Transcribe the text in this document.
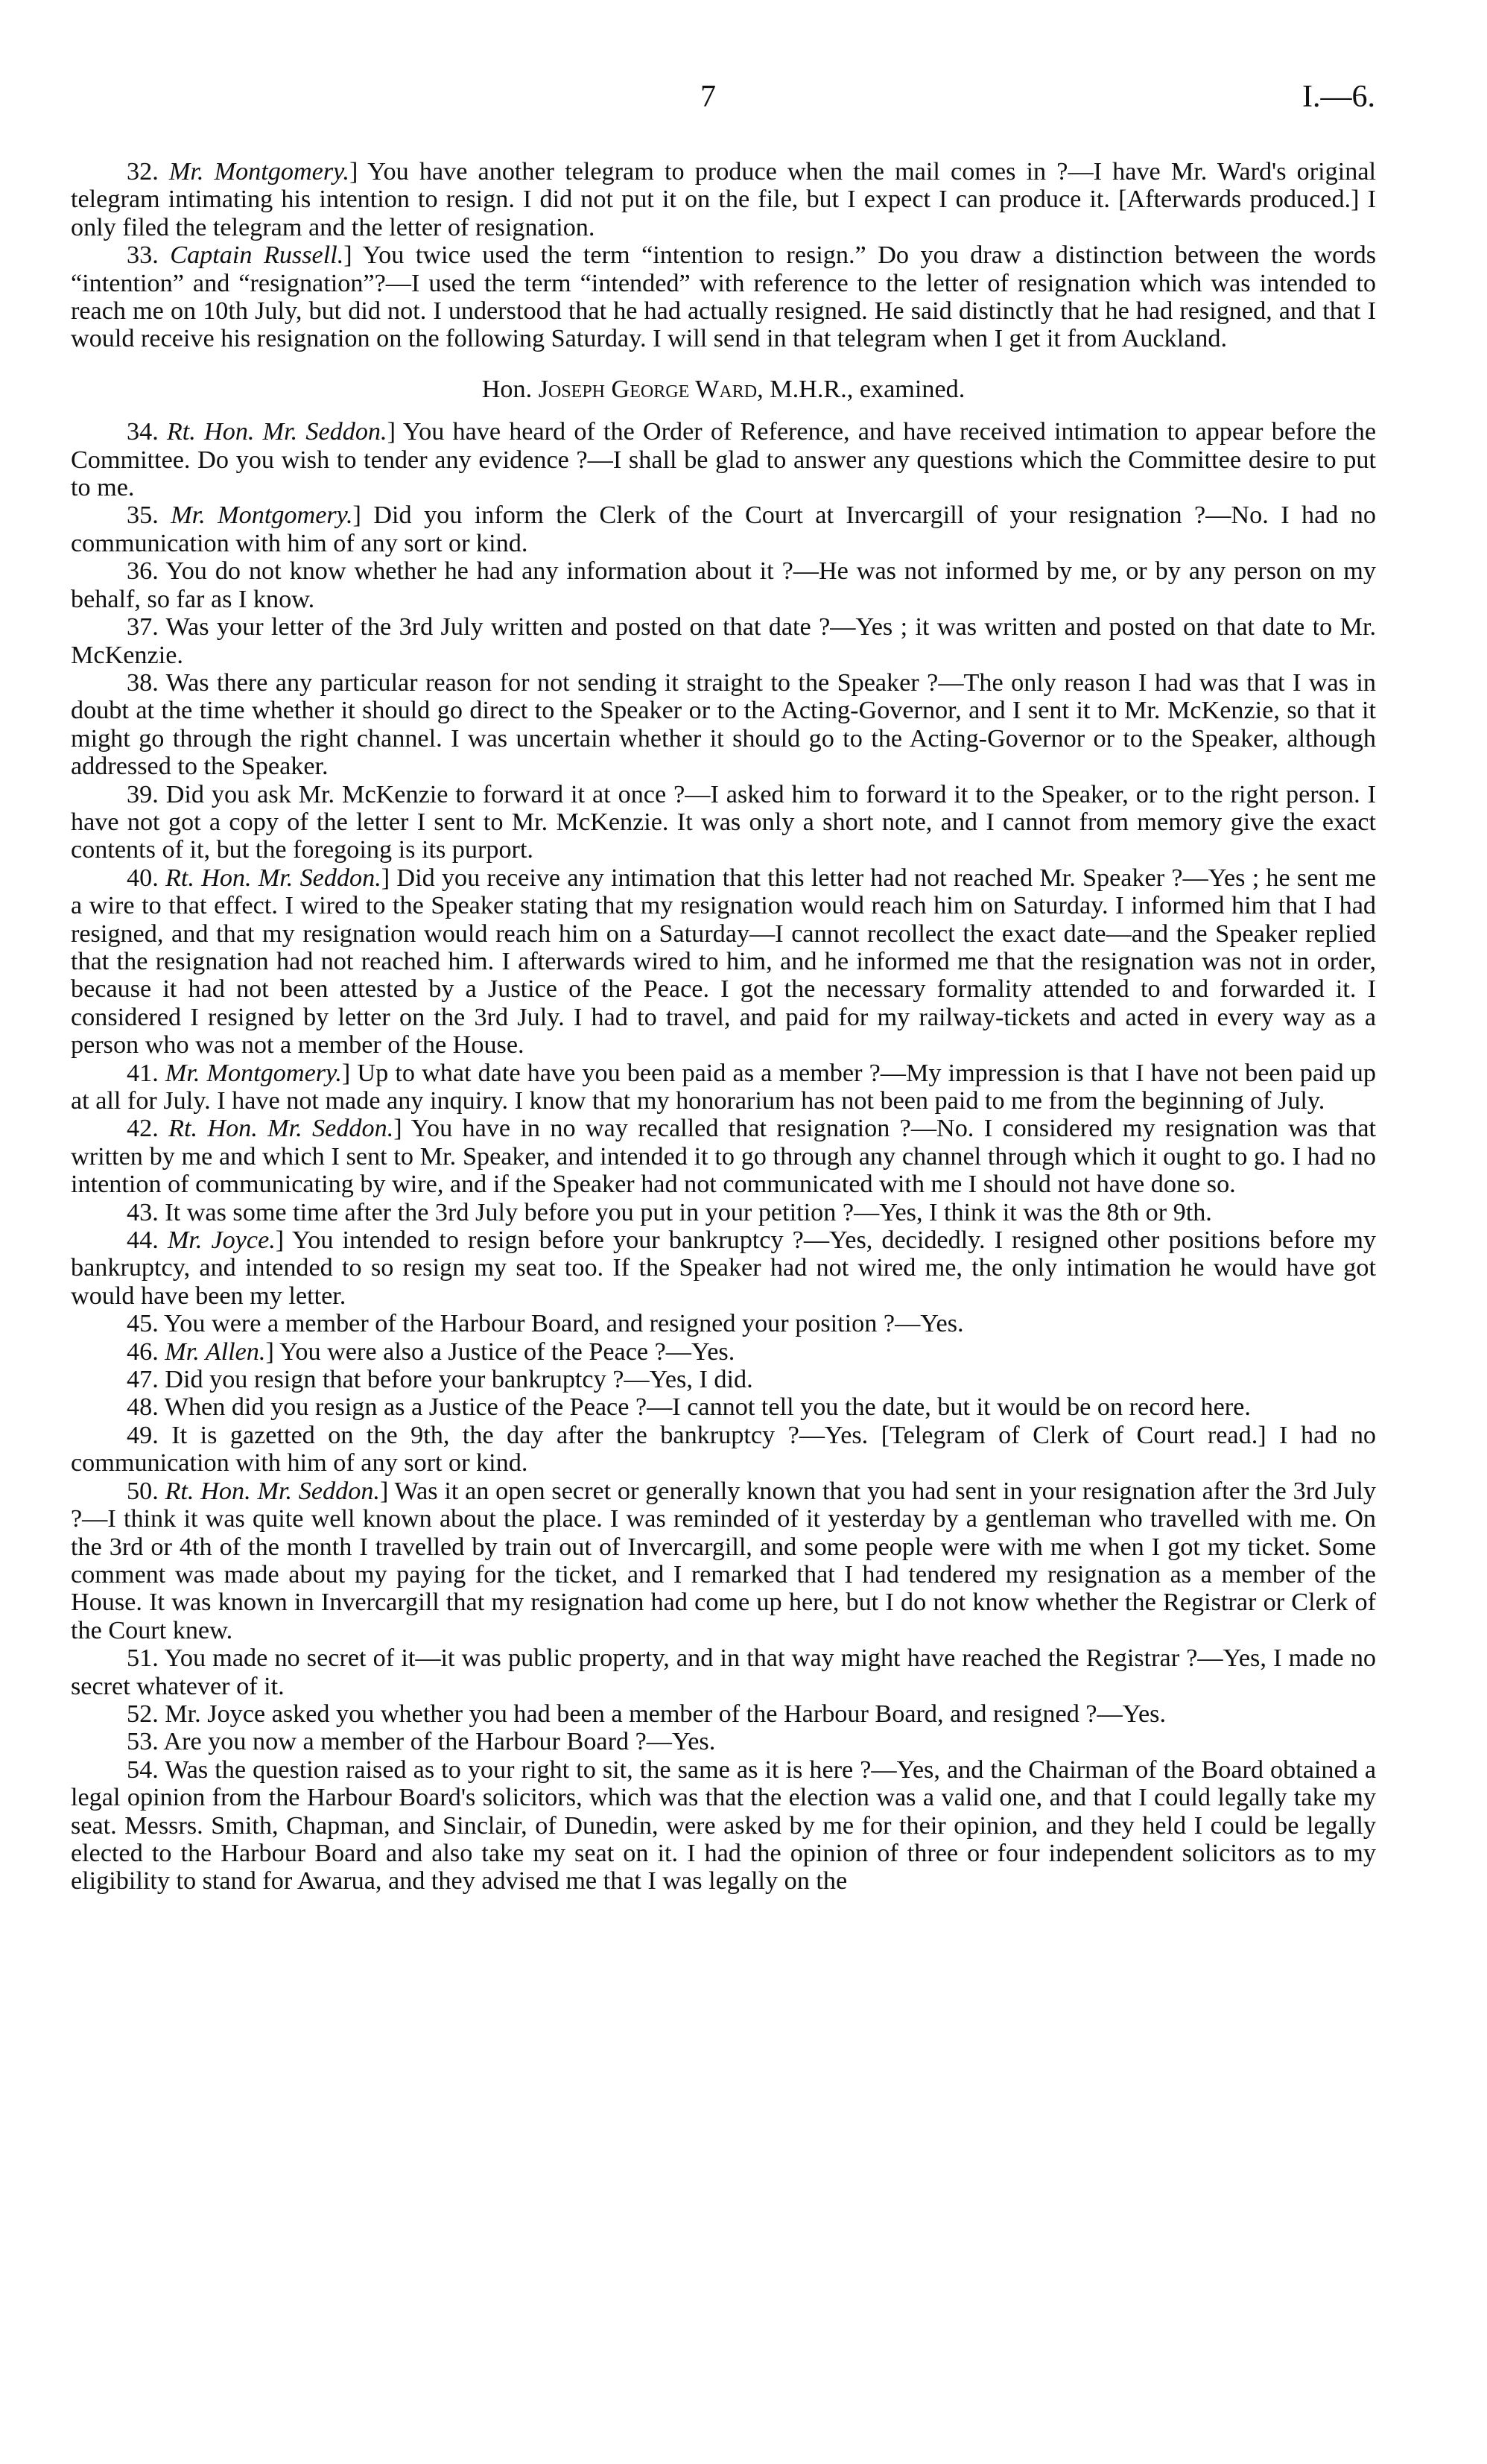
7	I.—6.

32. Mr. Montgomery.] You have another telegram to produce when the mail comes in ?—I have Mr. Ward's original telegram intimating his intention to resign. I did not put it on the file, but I expect I can produce it. [Afterwards produced.] I only filed the telegram and the letter of resignation.

33. Captain Russell.] You twice used the term “intention to resign.” Do you draw a distinction between the words “intention” and “resignation”?—I used the term “intended” with reference to the letter of resignation which was intended to reach me on 10th July, but did not. I understood that he had actually resigned. He said distinctly that he had resigned, and that I would receive his resignation on the following Saturday. I will send in that telegram when I get it from Auckland.

Hon. Joseph George Ward, M.H.R., examined.

34. Rt. Hon. Mr. Seddon.] You have heard of the Order of Reference, and have received intimation to appear before the Committee. Do you wish to tender any evidence ?—I shall be glad to answer any questions which the Committee desire to put to me.

35. Mr. Montgomery.] Did you inform the Clerk of the Court at Invercargill of your resignation ?—No. I had no communication with him of any sort or kind.

36. You do not know whether he had any information about it ?—He was not informed by me, or by any person on my behalf, so far as I know.

37. Was your letter of the 3rd July written and posted on that date ?—Yes ; it was written and posted on that date to Mr. McKenzie.

38. Was there any particular reason for not sending it straight to the Speaker ?—The only reason I had was that I was in doubt at the time whether it should go direct to the Speaker or to the Acting-Governor, and I sent it to Mr. McKenzie, so that it might go through the right channel. I was uncertain whether it should go to the Acting-Governor or to the Speaker, although addressed to the Speaker.

39. Did you ask Mr. McKenzie to forward it at once ?—I asked him to forward it to the Speaker, or to the right person. I have not got a copy of the letter I sent to Mr. McKenzie. It was only a short note, and I cannot from memory give the exact contents of it, but the foregoing is its purport.

40. Rt. Hon. Mr. Seddon.] Did you receive any intimation that this letter had not reached Mr. Speaker ?—Yes ; he sent me a wire to that effect. I wired to the Speaker stating that my resignation would reach him on Saturday. I informed him that I had resigned, and that my resignation would reach him on a Saturday—I cannot recollect the exact date—and the Speaker replied that the resignation had not reached him. I afterwards wired to him, and he informed me that the resignation was not in order, because it had not been attested by a Justice of the Peace. I got the necessary formality attended to and forwarded it. I considered I resigned by letter on the 3rd July. I had to travel, and paid for my railway-tickets and acted in every way as a person who was not a member of the House.

41. Mr. Montgomery.] Up to what date have you been paid as a member ?—My impression is that I have not been paid up at all for July. I have not made any inquiry. I know that my honorarium has not been paid to me from the beginning of July.

42. Rt. Hon. Mr. Seddon.] You have in no way recalled that resignation ?—No. I considered my resignation was that written by me and which I sent to Mr. Speaker, and intended it to go through any channel through which it ought to go. I had no intention of communicating by wire, and if the Speaker had not communicated with me I should not have done so.

43. It was some time after the 3rd July before you put in your petition ?—Yes, I think it was the 8th or 9th.

44. Mr. Joyce.] You intended to resign before your bankruptcy ?—Yes, decidedly. I resigned other positions before my bankruptcy, and intended to so resign my seat too. If the Speaker had not wired me, the only intimation he would have got would have been my letter.

45. You were a member of the Harbour Board, and resigned your position ?—Yes.

46. Mr. Allen.] You were also a Justice of the Peace ?—Yes.

47. Did you resign that before your bankruptcy ?—Yes, I did.

48. When did you resign as a Justice of the Peace ?—I cannot tell you the date, but it would be on record here.

49. It is gazetted on the 9th, the day after the bankruptcy ?—Yes. [Telegram of Clerk of Court read.] I had no communication with him of any sort or kind.

50. Rt. Hon. Mr. Seddon.] Was it an open secret or generally known that you had sent in your resignation after the 3rd July ?—I think it was quite well known about the place. I was reminded of it yesterday by a gentleman who travelled with me. On the 3rd or 4th of the month I travelled by train out of Invercargill, and some people were with me when I got my ticket. Some comment was made about my paying for the ticket, and I remarked that I had tendered my resignation as a member of the House. It was known in Invercargill that my resignation had come up here, but I do not know whether the Registrar or Clerk of the Court knew.

51. You made no secret of it—it was public property, and in that way might have reached the Registrar ?—Yes, I made no secret whatever of it.

52. Mr. Joyce asked you whether you had been a member of the Harbour Board, and resigned ?—Yes.

53. Are you now a member of the Harbour Board ?—Yes.

54. Was the question raised as to your right to sit, the same as it is here ?—Yes, and the Chairman of the Board obtained a legal opinion from the Harbour Board's solicitors, which was that the election was a valid one, and that I could legally take my seat. Messrs. Smith, Chapman, and Sinclair, of Dunedin, were asked by me for their opinion, and they held I could be legally elected to the Harbour Board and also take my seat on it. I had the opinion of three or four independent solicitors as to my eligibility to stand for Awarua, and they advised me that I was legally on the
